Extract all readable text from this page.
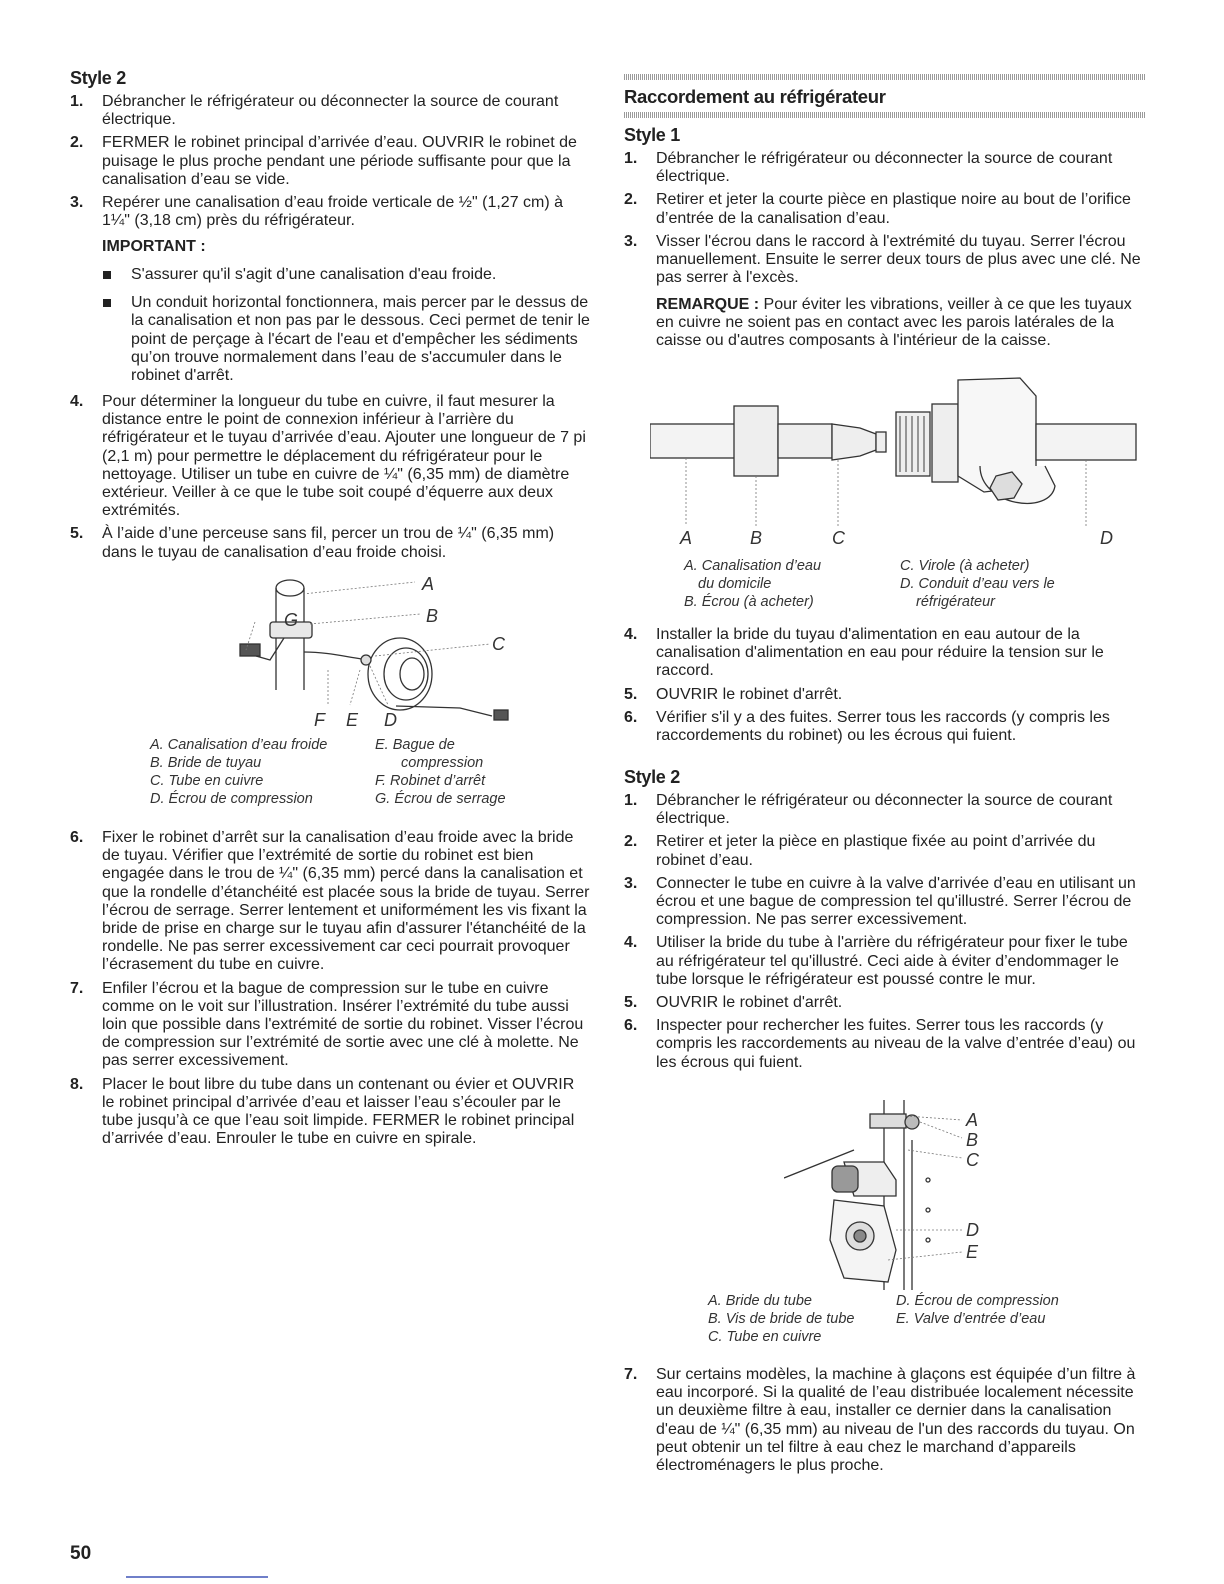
Style 2
1. Débrancher le réfrigérateur ou déconnecter la source de courant électrique.
2. FERMER le robinet principal d’arrivée d’eau. OUVRIR le robinet de puisage le plus proche pendant une période suffisante pour que la canalisation d’eau se vide.
3. Repérer une canalisation d’eau froide verticale de ½" (1,27 cm) à 1¼" (3,18 cm) près du réfrigérateur.

IMPORTANT :

S'assurer qu'il s'agit d’une canalisation d'eau froide.
Un conduit horizontal fonctionnera, mais percer par le dessus de la canalisation et non pas par le dessous. Ceci permet de tenir le point de perçage à l'écart de l'eau et d'empêcher les sédiments qu’on trouve normalement dans l’eau de s'accumuler dans le robinet d'arrêt.
4. Pour déterminer la longueur du tube en cuivre, il faut mesurer la distance entre le point de connexion inférieur à l’arrière du réfrigérateur et le tuyau d’arrivée d’eau. Ajouter une longueur de 7 pi (2,1 m) pour permettre le déplacement du réfrigérateur pour le nettoyage. Utiliser un tube en cuivre de ¼" (6,35 mm) de diamètre extérieur. Veiller à ce que le tube soit coupé d’équerre aux deux extrémités.
5. À l’aide d’une perceuse sans fil, percer un trou de ¼" (6,35 mm) dans le tuyau de canalisation d’eau froide choisi.
A
B
C
G
F E D
A. Canalisation d’eau froide
B. Bride de tuyau
C. Tube en cuivre
D. Écrou de compression
E. Bague de
compression
F. Robinet d’arrêt
G. Écrou de serrage
6. Fixer le robinet d’arrêt sur la canalisation d’eau froide avec la bride de tuyau. Vérifier que l’extrémité de sortie du robinet est bien engagée dans le trou de ¼" (6,35 mm) percé dans la canalisation et que la rondelle d’étanchéité est placée sous la bride de tuyau. Serrer l’écrou de serrage. Serrer lentement et uniformément les vis fixant la bride de prise en charge sur le tuyau afin d'assurer l'étanchéité de la rondelle. Ne pas serrer excessivement car ceci pourrait provoquer l’écrasement du tube en cuivre.
7. Enfiler l’écrou et la bague de compression sur le tube en cuivre comme on le voit sur l’illustration. Insérer l’extrémité du tube aussi loin que possible dans l'extrémité de sortie du robinet. Visser l’écrou de compression sur l’extrémité de sortie avec une clé à molette. Ne pas serrer excessivement.
8. Placer le bout libre du tube dans un contenant ou évier et OUVRIR le robinet principal d’arrivée d’eau et laisser l’eau s’écouler par le tube jusqu’à ce que l’eau soit limpide. FERMER le robinet principal d’arrivée d’eau. Enrouler le tube en cuivre en spirale.
Raccordement au réfrigérateur
Style 1
1. Débrancher le réfrigérateur ou déconnecter la source de courant électrique.
2. Retirer et jeter la courte pièce en plastique noire au bout de l’orifice d’entrée de la canalisation d’eau.
3. Visser l'écrou dans le raccord à l'extrémité du tuyau. Serrer l'écrou manuellement. Ensuite le serrer deux tours de plus avec une clé. Ne pas serrer à l'excès.

REMARQUE : Pour éviter les vibrations, veiller à ce que les tuyaux en cuivre ne soient pas en contact avec les parois latérales de la caisse ou d'autres composants à l'intérieur de la caisse.

A	B	C	D
A. Canalisation d’eau
du domicile
B. Écrou (à acheter)
C. Virole (à acheter)
D. Conduit d’eau vers le
réfrigérateur
4. Installer la bride du tuyau d'alimentation en eau autour de la canalisation d'alimentation en eau pour réduire la tension sur le raccord.
5. OUVRIR le robinet d'arrêt.
6. Vérifier s'il y a des fuites. Serrer tous les raccords (y compris les raccordements du robinet) ou les écrous qui fuient.
Style 2
1. Débrancher le réfrigérateur ou déconnecter la source de courant électrique.
2. Retirer et jeter la pièce en plastique fixée au point d’arrivée du robinet d’eau.
3. Connecter le tube en cuivre à la valve d'arrivée d’eau en utilisant un écrou et une bague de compression tel qu'illustré. Serrer l’écrou de compression. Ne pas serrer excessivement.
4. Utiliser la bride du tube à l'arrière du réfrigérateur pour fixer le tube au réfrigérateur tel qu'illustré. Ceci aide à éviter d’endommager le tube lorsque le réfrigérateur est poussé contre le mur.
5. OUVRIR le robinet d'arrêt.
6. Inspecter pour rechercher les fuites. Serrer tous les raccords (y compris les raccordements au niveau de la valve d’entrée d’eau) ou les écrous qui fuient.
A
B
C
D
E
A. Bride du tube
B. Vis de bride de tube
C. Tube en cuivre
D. Écrou de compression
E. Valve d’entrée d’eau
7. Sur certains modèles, la machine à glaçons est équipée d’un filtre à eau incorporé. Si la qualité de l’eau distribuée localement nécessite un deuxième filtre à eau, installer ce dernier dans la canalisation d'eau de ¼" (6,35 mm) au niveau de l'un des raccords du tuyau. On peut obtenir un tel filtre à eau chez le marchand d’appareils électroménagers le plus proche.
50
